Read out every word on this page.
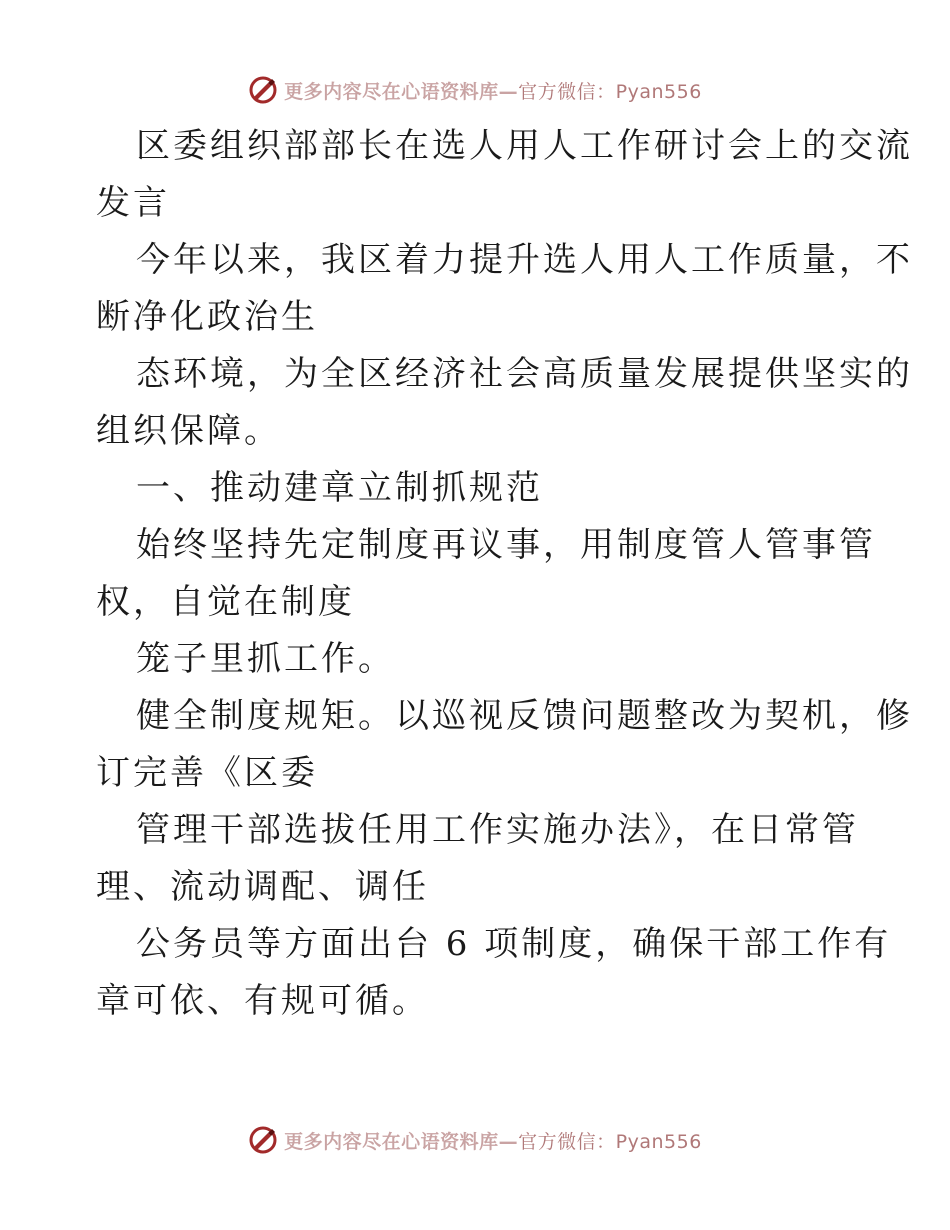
更多内容尽在心语资料库—官方微信：Pyan556
区委组织部部长在选人用人工作研讨会上的交流
发言
今年以来，我区着力提升选人用人工作质量，不
断净化政治生
态环境，为全区经济社会高质量发展提供坚实的
组织保障。
一、推动建章立制抓规范
始终坚持先定制度再议事，用制度管人管事管
权，自觉在制度
笼子里抓工作。
健全制度规矩。以巡视反馈问题整改为契机，修
订完善《区委
管理干部选拔任用工作实施办法》，在日常管
理、流动调配、调任
公务员等方面出台 6 项制度，确保干部工作有
章可依、有规可循。
更多内容尽在心语资料库—官方微信：Pyan556
